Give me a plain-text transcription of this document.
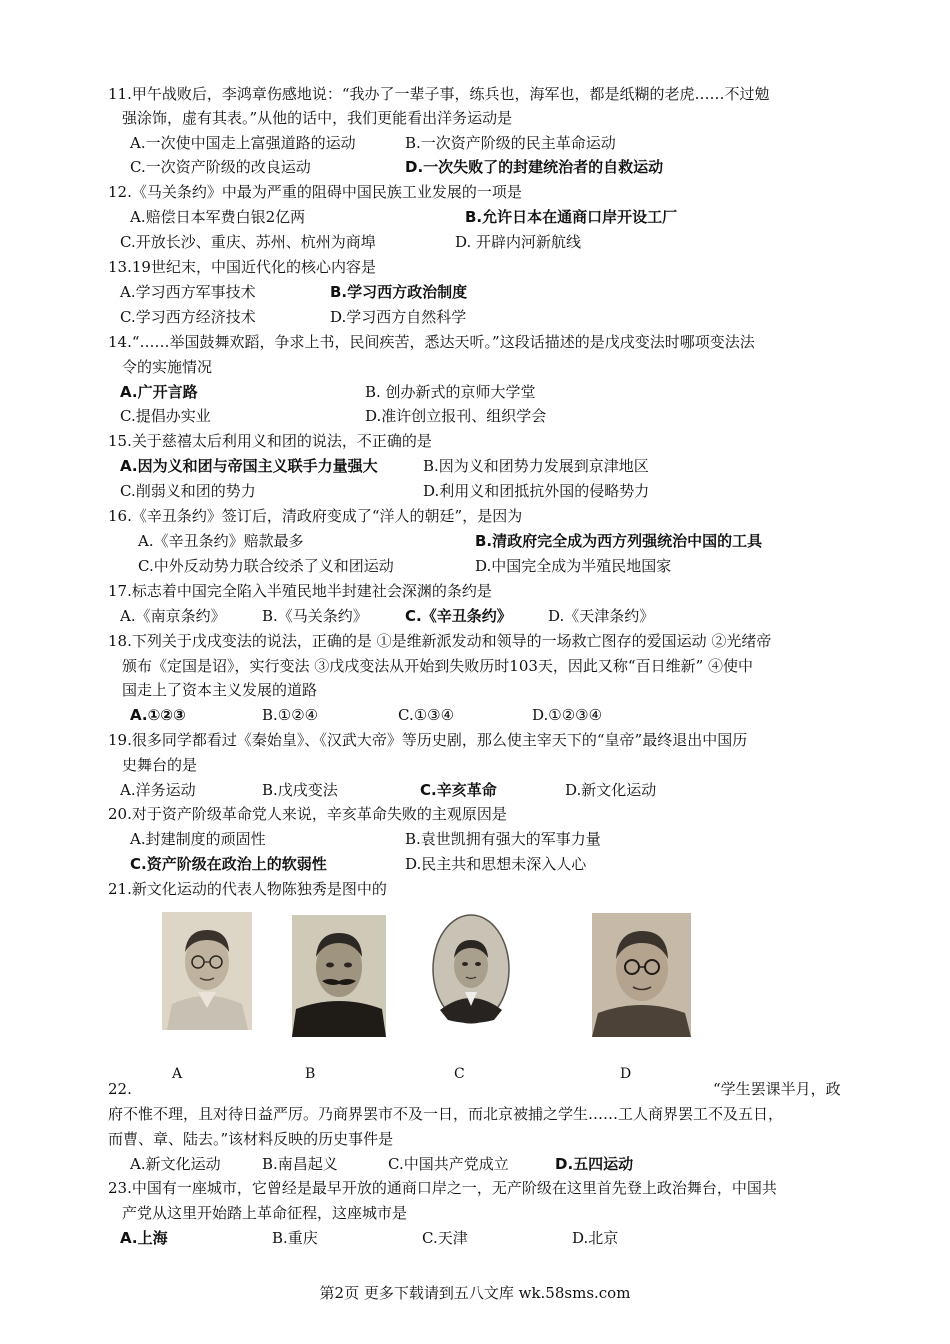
11.甲午战败后，李鸿章伤感地说：“我办了一辈子事，练兵也，海军也，都是纸糊的老虎……不过勉
强涂饰，虚有其表。”从他的话中，我们更能看出洋务运动是
A.一次使中国走上富强道路的运动	B.一次资产阶级的民主革命运动
C.一次资产阶级的改良运动	D.一次失败了的封建统治者的自救运动
12.《马关条约》中最为严重的阻碍中国民族工业发展的一项是
A.赔偿日本军费白银2亿两	B.允许日本在通商口岸开设工厂
C.开放长沙、重庆、苏州、杭州为商埠	D. 开辟内河新航线
13.19世纪末，中国近代化的核心内容是
A.学习西方军事技术	B.学习西方政治制度
C.学习西方经济技术	D.学习西方自然科学
14.“……举国鼓舞欢蹈，争求上书，民间疾苦，悉达天听。”这段话描述的是戊戌变法时哪项变法法
令的实施情况
A.广开言路	B. 创办新式的京师大学堂
C.提倡办实业	D.准许创立报刊、组织学会
15.关于慈禧太后利用义和团的说法，不正确的是
A.因为义和团与帝国主义联手力量强大	B.因为义和团势力发展到京津地区
C.削弱义和团的势力	D.利用义和团抵抗外国的侵略势力
16.《辛丑条约》签订后，清政府变成了“洋人的朝廷”，是因为
A.《辛丑条约》赔款最多	B.清政府完全成为西方列强统治中国的工具
C.中外反动势力联合绞杀了义和团运动	D.中国完全成为半殖民地国家
17.标志着中国完全陷入半殖民地半封建社会深渊的条约是
A.《南京条约》 B.《马关条约》 C.《辛丑条约》 D.《天津条约》
18.下列关于戊戌变法的说法，正确的是 ①是维新派发动和领导的一场救亡图存的爱国运动 ②光绪帝
颁布《定国是诏》，实行变法 ③戊戌变法从开始到失败历时103天，因此又称“百日维新” ④使中
国走上了资本主义发展的道路
A.①②③	B.①②④	C.①③④	D.①②③④
19.很多同学都看过《秦始皇》、《汉武大帝》等历史剧，那么使主宰天下的“皇帝”最终退出中国历
史舞台的是
A.洋务运动	B.戊戌变法	C.辛亥革命	D.新文化运动
20.对于资产阶级革命党人来说，辛亥革命失败的主观原因是
A.封建制度的顽固性	B.袁世凯拥有强大的军事力量
C.资产阶级在政治上的软弱性	D.民主共和思想未深入人心
21.新文化运动的代表人物陈独秀是图中的
A	B	C	D
22.	“学生罢课半月，政
府不惟不理，且对待日益严厉。乃商界罢市不及一日，而北京被捕之学生……工人商界罢工不及五日，
而曹、章、陆去。”该材料反映的历史事件是
A.新文化运动	B.南昌起义	C.中国共产党成立	D.五四运动
23.中国有一座城市，它曾经是最早开放的通商口岸之一，无产阶级在这里首先登上政治舞台，中国共
产党从这里开始踏上革命征程，这座城市是
A.上海	B.重庆	C.天津	D.北京
第2页 更多下载请到五八文库 wk.58sms.com
